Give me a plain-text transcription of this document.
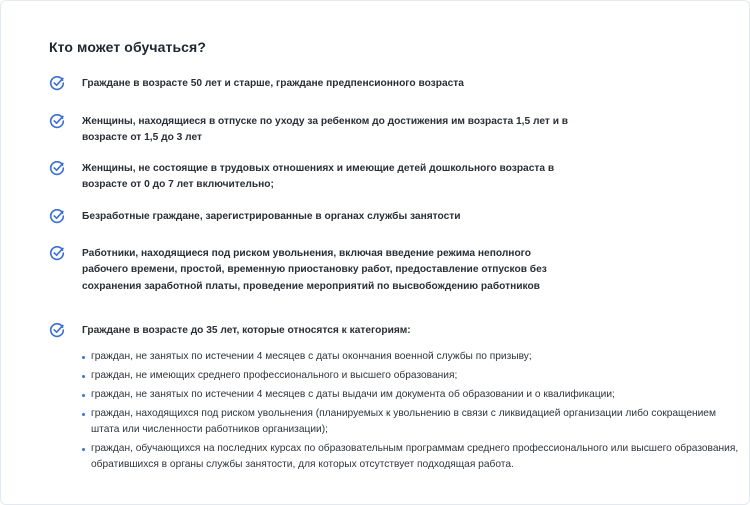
Кто может обучаться?
Граждане в возрасте 50 лет и старше, граждане предпенсионного возраста
Женщины, находящиеся в отпуске по уходу за ребенком до достижения им возраста 1,5 лет и в возрасте от 1,5 до 3 лет
Женщины, не состоящие в трудовых отношениях и имеющие детей дошкольного возраста в возрасте от 0 до 7 лет включительно;
Безработные граждане, зарегистрированные в органах службы занятости
Работники, находящиеся под риском увольнения, включая введение режима неполного рабочего времени, простой, временную приостановку работ, предоставление отпусков без сохранения заработной платы, проведение мероприятий по высвобождению работников
Граждане в возрасте до 35 лет, которые относятся к категориям:
граждан, не занятых по истечении 4 месяцев с даты окончания военной службы по призыву;
граждан, не имеющих среднего профессионального и высшего образования;
граждан, не занятых по истечении 4 месяцев с даты выдачи им документа об образовании и о квалификации;
граждан, находящихся под риском увольнения (планируемых к увольнению в связи с ликвидацией организации либо сокращением штата или численности работников организации);
граждан, обучающихся на последних курсах по образовательным программам среднего профессионального или высшего образования, обратившихся в органы службы занятости, для которых отсутствует подходящая работа.
